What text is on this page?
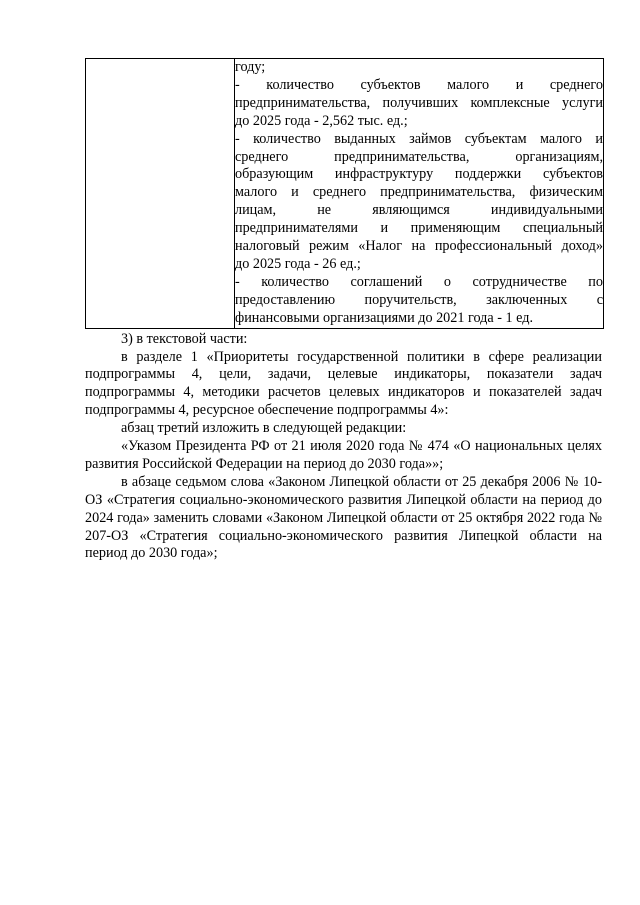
году;
- количество субъектов малого и среднего
предпринимательства, получивших комплексные услуги
до 2025 года - 2,562 тыс. ед.;
- количество выданных займов субъектам малого и
среднего предпринимательства, организациям,
образующим инфраструктуру поддержки субъектов
малого и среднего предпринимательства, физическим
лицам, не являющимся индивидуальными
предпринимателями и применяющим специальный
налоговый режим «Налог на профессиональный доход»
до 2025 года - 26 ед.;
- количество соглашений о сотрудничестве по
предоставлению поручительств, заключенных с
финансовыми организациями до 2021 года - 1 ед.

3) в текстовой части:

в разделе 1 «Приоритеты государственной политики в сфере реализации подпрограммы 4, цели, задачи, целевые индикаторы, показатели задач подпрограммы 4, методики расчетов целевых индикаторов и показателей задач подпрограммы 4, ресурсное обеспечение подпрограммы 4»:

абзац третий изложить в следующей редакции:

«Указом Президента РФ от 21 июля 2020 года № 474 «О национальных целях развития Российской Федерации на период до 2030 года»»;

в абзаце седьмом слова «Законом Липецкой области от 25 декабря 2006 № 10-ОЗ «Стратегия социально-экономического развития Липецкой области на период до 2024 года» заменить словами «Законом Липецкой области от 25 октября 2022 года № 207-ОЗ «Стратегия социально-экономического развития Липецкой области на период до 2030 года»;
